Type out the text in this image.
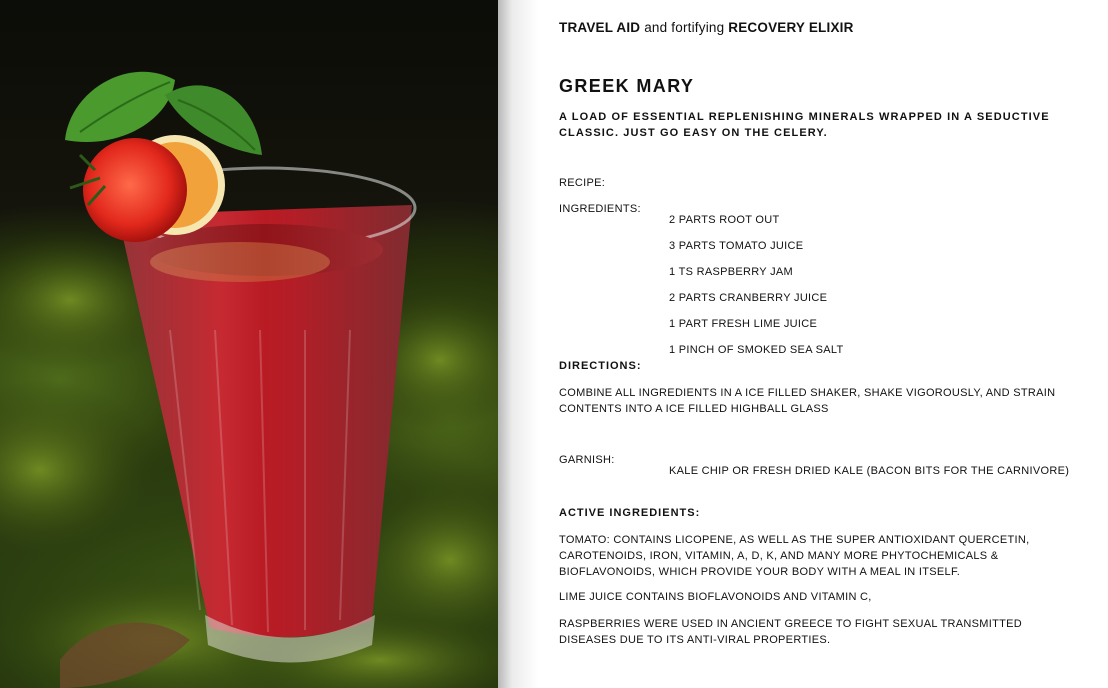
TRAVEL AID and fortifying RECOVERY ELIXIR

GREEK MARY

A LOAD OF ESSENTIAL REPLENISHING MINERALS WRAPPED IN A SEDUCTIVE CLASSIC. JUST GO EASY ON THE CELERY.

RECIPE:

INGREDIENTS:

2 PARTS ROOT OUT

3 PARTS TOMATO JUICE

1 TS RASPBERRY JAM

2 PARTS CRANBERRY JUICE

1 PART FRESH LIME JUICE

1 PINCH OF SMOKED SEA SALT

DIRECTIONS:

COMBINE ALL INGREDIENTS IN A ICE FILLED SHAKER, SHAKE VIGOROUSLY, AND STRAIN CONTENTS INTO A ICE FILLED HIGHBALL GLASS

GARNISH:

KALE CHIP OR FRESH DRIED KALE (BACON BITS FOR THE CARNIVORE)

ACTIVE INGREDIENTS:

TOMATO: CONTAINS LICOPENE, AS WELL AS THE SUPER ANTIOXIDANT QUERCETIN, CAROTENOIDS, IRON, VITAMIN, A, D, K, AND MANY MORE PHYTOCHEMICALS & BIOFLAVONOIDS, WHICH PROVIDE YOUR BODY WITH A MEAL IN ITSELF.

LIME JUICE CONTAINS BIOFLAVONOIDS AND VITAMIN C,

RASPBERRIES WERE USED IN ANCIENT GREECE TO FIGHT SEXUAL TRANSMITTED DISEASES DUE TO ITS ANTI-VIRAL PROPERTIES.
